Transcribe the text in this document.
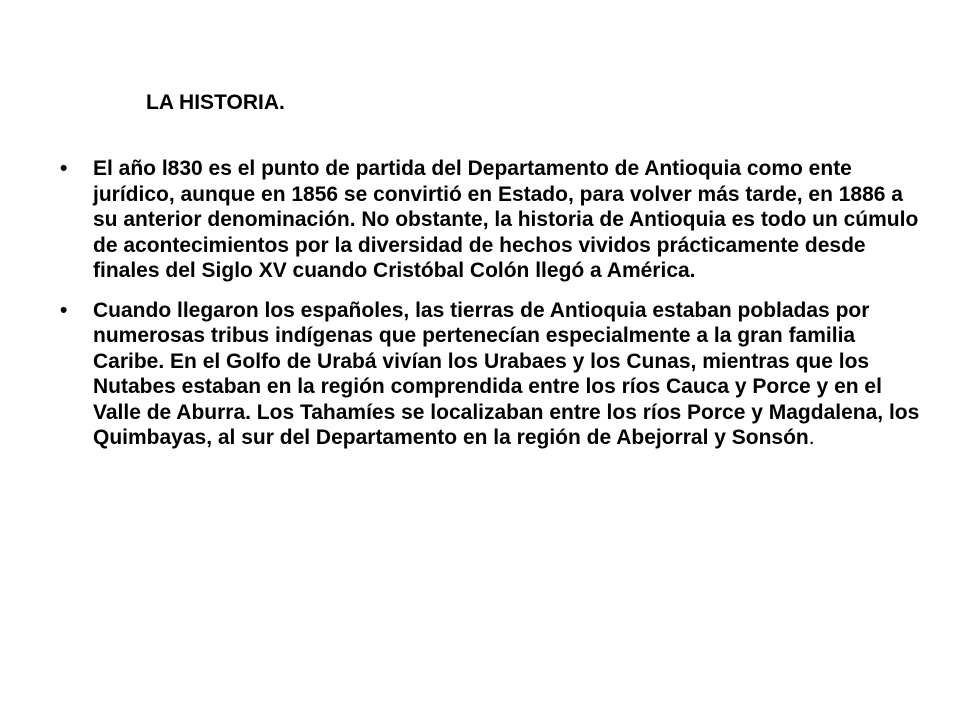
LA HISTORIA.
• El año l830 es el punto de partida del Departamento de Antioquia como ente jurídico, aunque en 1856 se convirtió en Estado, para volver más tarde, en 1886 a su anterior denominación. No obstante, la historia de Antioquia es todo un cúmulo de acontecimientos por la diversidad de hechos vividos prácticamente desde finales del Siglo XV cuando Cristóbal Colón llegó a América.
• Cuando llegaron los españoles, las tierras de Antioquia estaban pobladas por numerosas tribus indígenas que pertenecían especialmente a la gran familia Caribe. En el Golfo de Urabá vivían los Urabaes y los Cunas, mientras que los Nutabes estaban en la región comprendida entre los ríos Cauca y Porce y en el Valle de Aburra. Los Tahamíes se localizaban entre los ríos Porce y Magdalena, los Quimbayas, al sur del Departamento en la región de Abejorral y Sonsón.
